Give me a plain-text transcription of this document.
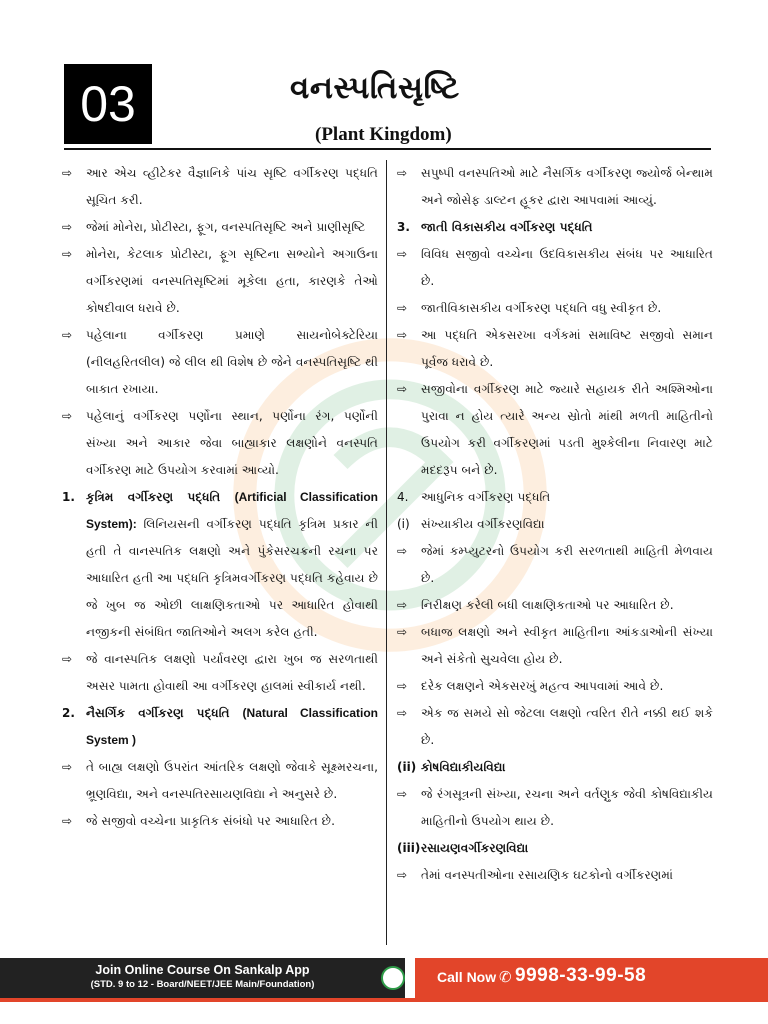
03	વનસ્પતિસૃષ્ટિ
(Plant Kingdom)
⇨	આર એચ વ્હીટેકર વૈજ્ઞાનિકે પાંચ સૃષ્ટિ વર્ગીકરણ પદ્ધતિ સૂચિત કરી.
⇨	જેમાં મોનેરા, પ્રોટીસ્ટા, ફૂગ, વનસ્પતિસૃષ્ટિ અને પ્રાણીસૃષ્ટિ
⇨	મોનેરા, કેટલાક પ્રોટીસ્ટા, ફૂગ સૃષ્ટિના સભ્યોને અગાઉના વર્ગીકરણમાં વનસ્પતિસૃષ્ટિમાં મૂકેલા હતા, કારણકે તેઓ કોષદીવાલ ધરાવે છે.
⇨	પહેલાના વર્ગીકરણ પ્રમાણે સાયનોબેક્ટેરિયા (નીલહરિતલીલ) જે લીલ થી વિશેષ છે જેને વનસ્પતિસૃષ્ટિ થી બાકાત રખાયા.
⇨	પહેલાનું વર્ગીકરણ પર્ણોના સ્થાન, પર્ણોના રંગ, પર્ણોની સંખ્યા અને આકાર જેવા બાહ્યાકાર લક્ષણોને વનસ્પતિ વર્ગીકરણ માટે ઉપયોગ કરવામાં આવ્યો.
1. કૃત્રિમ વર્ગીકરણ પદ્ધતિ (Artificial Classification System): લિનિયસની વર્ગીકરણ પદ્ધતિ કૃત્રિમ પ્રકાર ની હતી તે વાનસ્પતિક લક્ષણો અને પુંકેસરચક્રની રચના પર આધારિત હતી આ પદ્ધતિ કૃત્રિમવર્ગીકરણ પદ્ધતિ કહેવાય છે જે ખુબ જ ઓછી લાક્ષણિકતાઓ પર આધારિત હોવાથી નજીકની સંબંધિત જાતિઓને અલગ કરેલ હતી.
⇨	જે વાનસ્પતિક લક્ષણો પર્યાવરણ દ્વારા ખુબ જ સરળતાથી અસર પામતા હોવાથી આ વર્ગીકરણ હાલમાં સ્વીકાર્ય નથી.
2. નૈસર્ગિક વર્ગીકરણ પદ્ધતિ (Natural Classification System )
⇨	તે બાહ્ય લક્ષણો ઉપરાંત આંતરિક લક્ષણો જેવાકે સૂક્ષ્મરચના, ભ્રૂણવિદ્યા, અને વનસ્પતિરસાયણવિદ્યા ને અનુસરે છે.
⇨	જે સજીવો વચ્ચેના પ્રાકૃતિક સંબંધો પર આધારિત છે.
⇨	સપુષ્પી વનસ્પતિઓ માટે નૈસર્ગિક વર્ગીકરણ જ્યોર્જ બેન્થામ અને જોસેફ ડાલ્ટન હૂકર દ્વારા આપવામાં આવ્યું.
3. જાતી વિકાસકીય વર્ગીકરણ પદ્ધતિ
⇨	વિવિધ સજીવો વચ્ચેના ઉદવિકાસકીય સંબંધ પર આધારિત છે.
⇨	જાતીવિકાસકીય વર્ગીકરણ પદ્ધતિ વધુ સ્વીકૃત છે.
⇨	આ પદ્ધતિ એકસરખા વર્ગકમાં સમાવિષ્ટ સજીવો સમાન પૂર્વજ ધરાવે છે.
⇨	સજીવોના વર્ગીકરણ માટે જ્યારે સહાયક રીતે અશ્મિઓના પુરાવા ન હોય ત્યારે અન્ય સ્રોતો માંથી મળતી માહિતીનો ઉપયોગ કરી વર્ગીકરણમાં પડતી મુશ્કેલીના નિવારણ માટે મદદરૂપ બને છે.
4.	આધુનિક વર્ગીકરણ પદ્ધતિ
(i) સંખ્યાકીય વર્ગીકરણવિદ્યા
⇨	જેમાં કમ્પ્યુટરનો ઉપયોગ કરી સરળતાથી માહિતી મેળવાય છે.
⇨	નિરીક્ષણ કરેલી બધી લાક્ષણિકતાઓ પર આધારિત છે.
⇨	બધાજ લક્ષણો અને સ્વીકૃત માહિતીના આંકડાઓની સંખ્યા અને સંકેતો સુચવેલા હોય છે.
⇨	દરેક લક્ષણને એકસરખું મહત્વ આપવામાં આવે છે.
⇨	એક જ સમયે સો જેટલા લક્ષણો ત્વરિત રીતે નક્કી થઈ શકે છે.
(ii) કોષવિદ્યાકીયવિદ્યા
⇨	જે રંગસૂત્રની સંખ્યા, રચના અને વર્તણુક જેવી કોષવિદ્યાકીય માહિતીનો ઉપયોગ થાય છે.
(iii) રસાયણવર્ગીકરણવિદ્યા
⇨	તેમાં વનસ્પતીઓના રસાયણિક ઘટકોનો વર્ગીકરણમાં
Join Online Course On Sankalp App
(STD. 9 to 12 - Board/NEET/JEE Main/Foundation)	Call Now ✆ 9998-33-99-58
